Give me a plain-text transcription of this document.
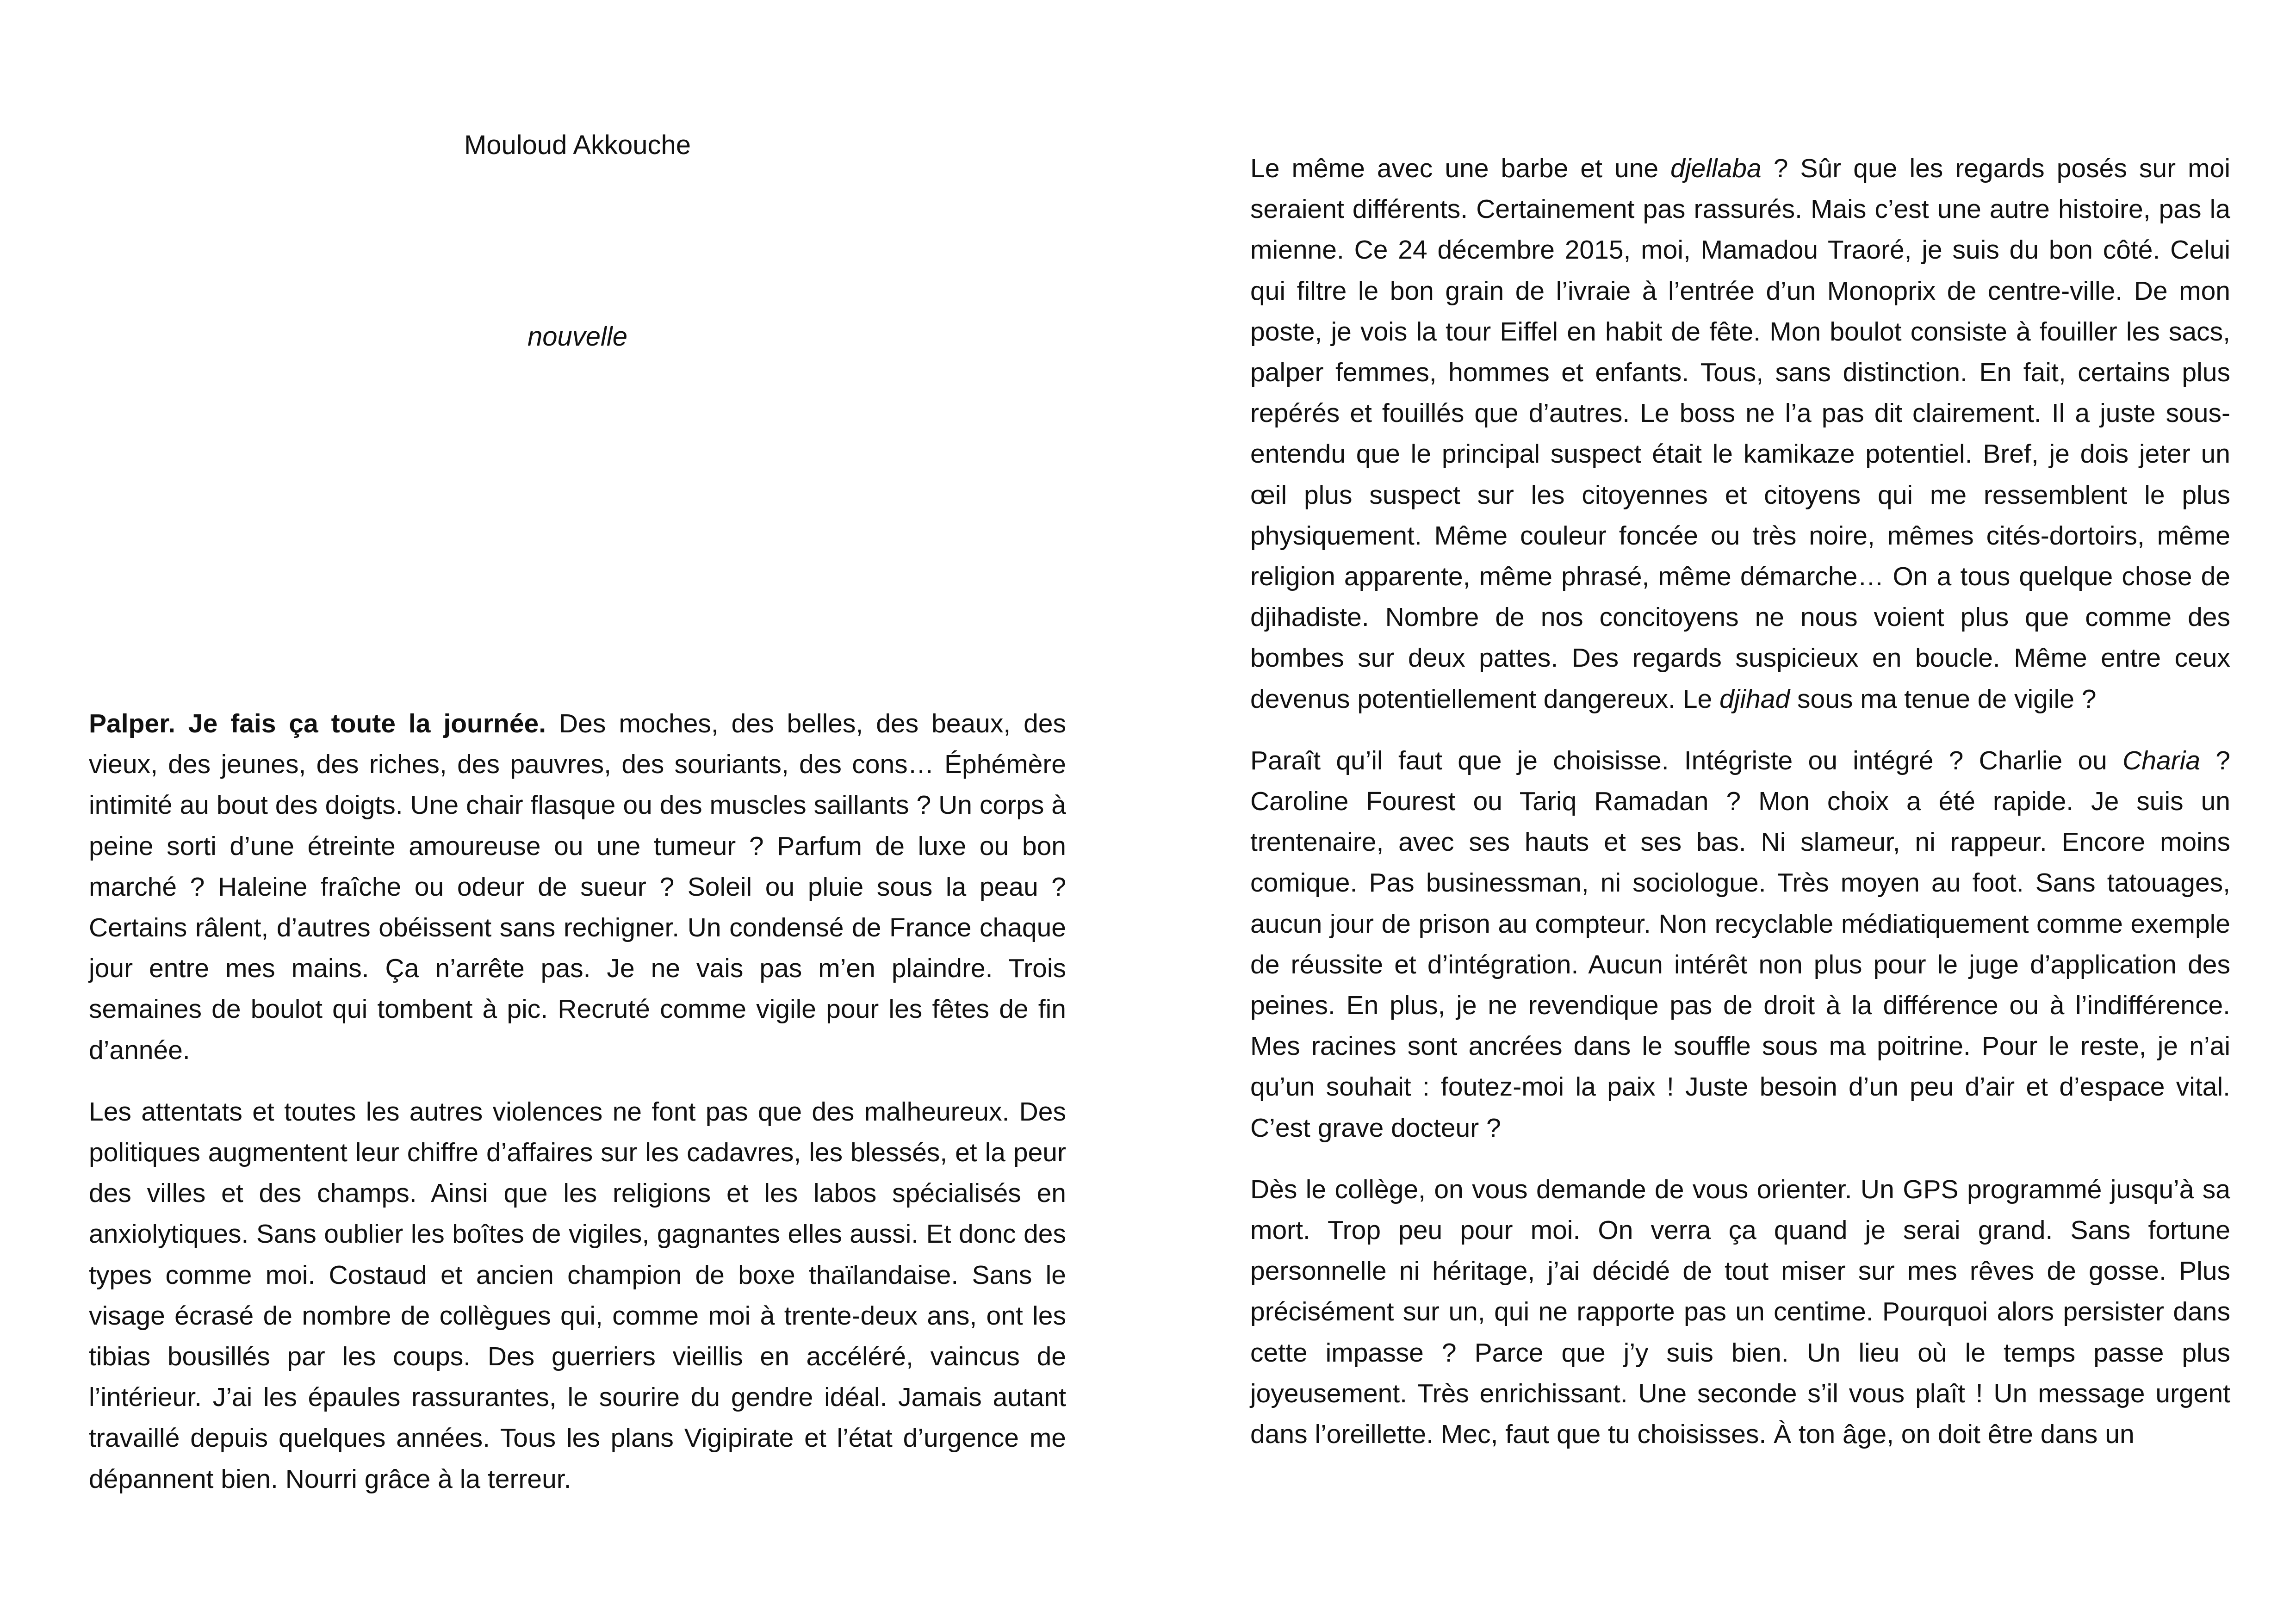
Mouloud Akkouche

nouvelle

Palper. Je fais ça toute la journée. Des moches, des belles, des beaux, des vieux, des jeunes, des riches, des pauvres, des souriants, des cons… Éphémère intimité au bout des doigts. Une chair flasque ou des muscles saillants ? Un corps à peine sorti d’une étreinte amoureuse ou une tumeur ? Parfum de luxe ou bon marché ? Haleine fraîche ou odeur de sueur ? Soleil ou pluie sous la peau ? Certains râlent, d’autres obéissent sans rechigner. Un condensé de France chaque jour entre mes mains. Ça n’arrête pas. Je ne vais pas m’en plaindre. Trois semaines de boulot qui tombent à pic. Recruté comme vigile pour les fêtes de fin d’année.

Les attentats et toutes les autres violences ne font pas que des malheureux. Des politiques augmentent leur chiffre d’affaires sur les cadavres, les blessés, et la peur des villes et des champs. Ainsi que les religions et les labos spécialisés en anxiolytiques. Sans oublier les boîtes de vigiles, gagnantes elles aussi. Et donc des types comme moi. Costaud et ancien champion de boxe thaïlandaise. Sans le visage écrasé de nombre de collègues qui, comme moi à trente-deux ans, ont les tibias bousillés par les coups. Des guerriers vieillis en accéléré, vaincus de l’intérieur. J’ai les épaules rassurantes, le sourire du gendre idéal. Jamais autant travaillé depuis quelques années. Tous les plans Vigipirate et l’état d’urgence me dépannent bien. Nourri grâce à la terreur.

Le même avec une barbe et une djellaba ? Sûr que les regards posés sur moi seraient différents. Certainement pas rassurés. Mais c’est une autre histoire, pas la mienne. Ce 24 décembre 2015, moi, Mamadou Traoré, je suis du bon côté. Celui qui filtre le bon grain de l’ivraie à l’entrée d’un Monoprix de centre-ville. De mon poste, je vois la tour Eiffel en habit de fête. Mon boulot consiste à fouiller les sacs, palper femmes, hommes et enfants. Tous, sans distinction. En fait, certains plus repérés et fouillés que d’autres. Le boss ne l’a pas dit clairement. Il a juste sous-entendu que le principal suspect était le kamikaze potentiel. Bref, je dois jeter un œil plus suspect sur les citoyennes et citoyens qui me ressemblent le plus physiquement. Même couleur foncée ou très noire, mêmes cités-dortoirs, même religion apparente, même phrasé, même démarche… On a tous quelque chose de djihadiste. Nombre de nos concitoyens ne nous voient plus que comme des bombes sur deux pattes. Des regards suspicieux en boucle. Même entre ceux devenus potentiellement dangereux. Le djihad sous ma tenue de vigile ?

Paraît qu’il faut que je choisisse. Intégriste ou intégré ? Charlie ou Charia ? Caroline Fourest ou Tariq Ramadan ? Mon choix a été rapide. Je suis un trentenaire, avec ses hauts et ses bas. Ni slameur, ni rappeur. Encore moins comique. Pas businessman, ni sociologue. Très moyen au foot. Sans tatouages, aucun jour de prison au compteur. Non recyclable médiatiquement comme exemple de réussite et d’intégration. Aucun intérêt non plus pour le juge d’application des peines. En plus, je ne revendique pas de droit à la différence ou à l’indifférence. Mes racines sont ancrées dans le souffle sous ma poitrine. Pour le reste, je n’ai qu’un souhait : foutez-moi la paix ! Juste besoin d’un peu d’air et d’espace vital. C’est grave docteur ?

Dès le collège, on vous demande de vous orienter. Un GPS programmé jusqu’à sa mort. Trop peu pour moi. On verra ça quand je serai grand. Sans fortune personnelle ni héritage, j’ai décidé de tout miser sur mes rêves de gosse. Plus précisément sur un, qui ne rapporte pas un centime. Pourquoi alors persister dans cette impasse ? Parce que j’y suis bien. Un lieu où le temps passe plus joyeusement. Très enrichissant. Une seconde s’il vous plaît ! Un message urgent dans l’oreillette. Mec, faut que tu choisisses. À ton âge, on doit être dans un
